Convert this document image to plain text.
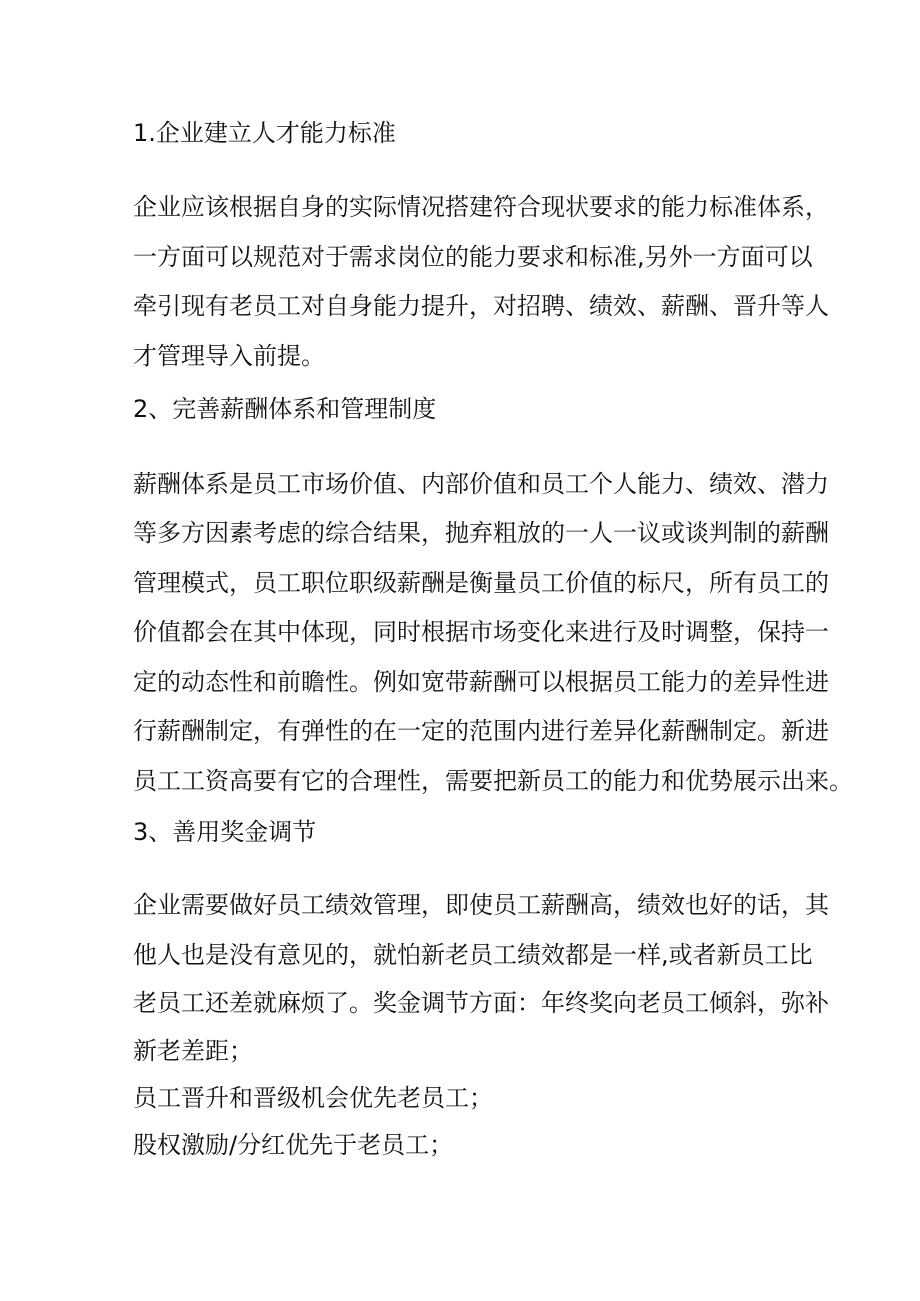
1.企业建立人才能力标准
企业应该根据自身的实际情况搭建符合现状要求的能力标准体系，
一方面可以规范对于需求岗位的能力要求和标准,另外一方面可以
牵引现有老员工对自身能力提升，对招聘、绩效、薪酬、晋升等人
才管理导入前提。
2、完善薪酬体系和管理制度
薪酬体系是员工市场价值、内部价值和员工个人能力、绩效、潜力
等多方因素考虑的综合结果，抛弃粗放的一人一议或谈判制的薪酬
管理模式，员工职位职级薪酬是衡量员工价值的标尺，所有员工的
价值都会在其中体现，同时根据市场变化来进行及时调整，保持一
定的动态性和前瞻性。例如宽带薪酬可以根据员工能力的差异性进
行薪酬制定，有弹性的在一定的范围内进行差异化薪酬制定。新进
员工工资高要有它的合理性，需要把新员工的能力和优势展示出来。
3、善用奖金调节
企业需要做好员工绩效管理，即使员工薪酬高，绩效也好的话，其
他人也是没有意见的，就怕新老员工绩效都是一样,或者新员工比
老员工还差就麻烦了。奖金调节方面：年终奖向老员工倾斜，弥补
新老差距；
员工晋升和晋级机会优先老员工；
股权激励/分红优先于老员工；
